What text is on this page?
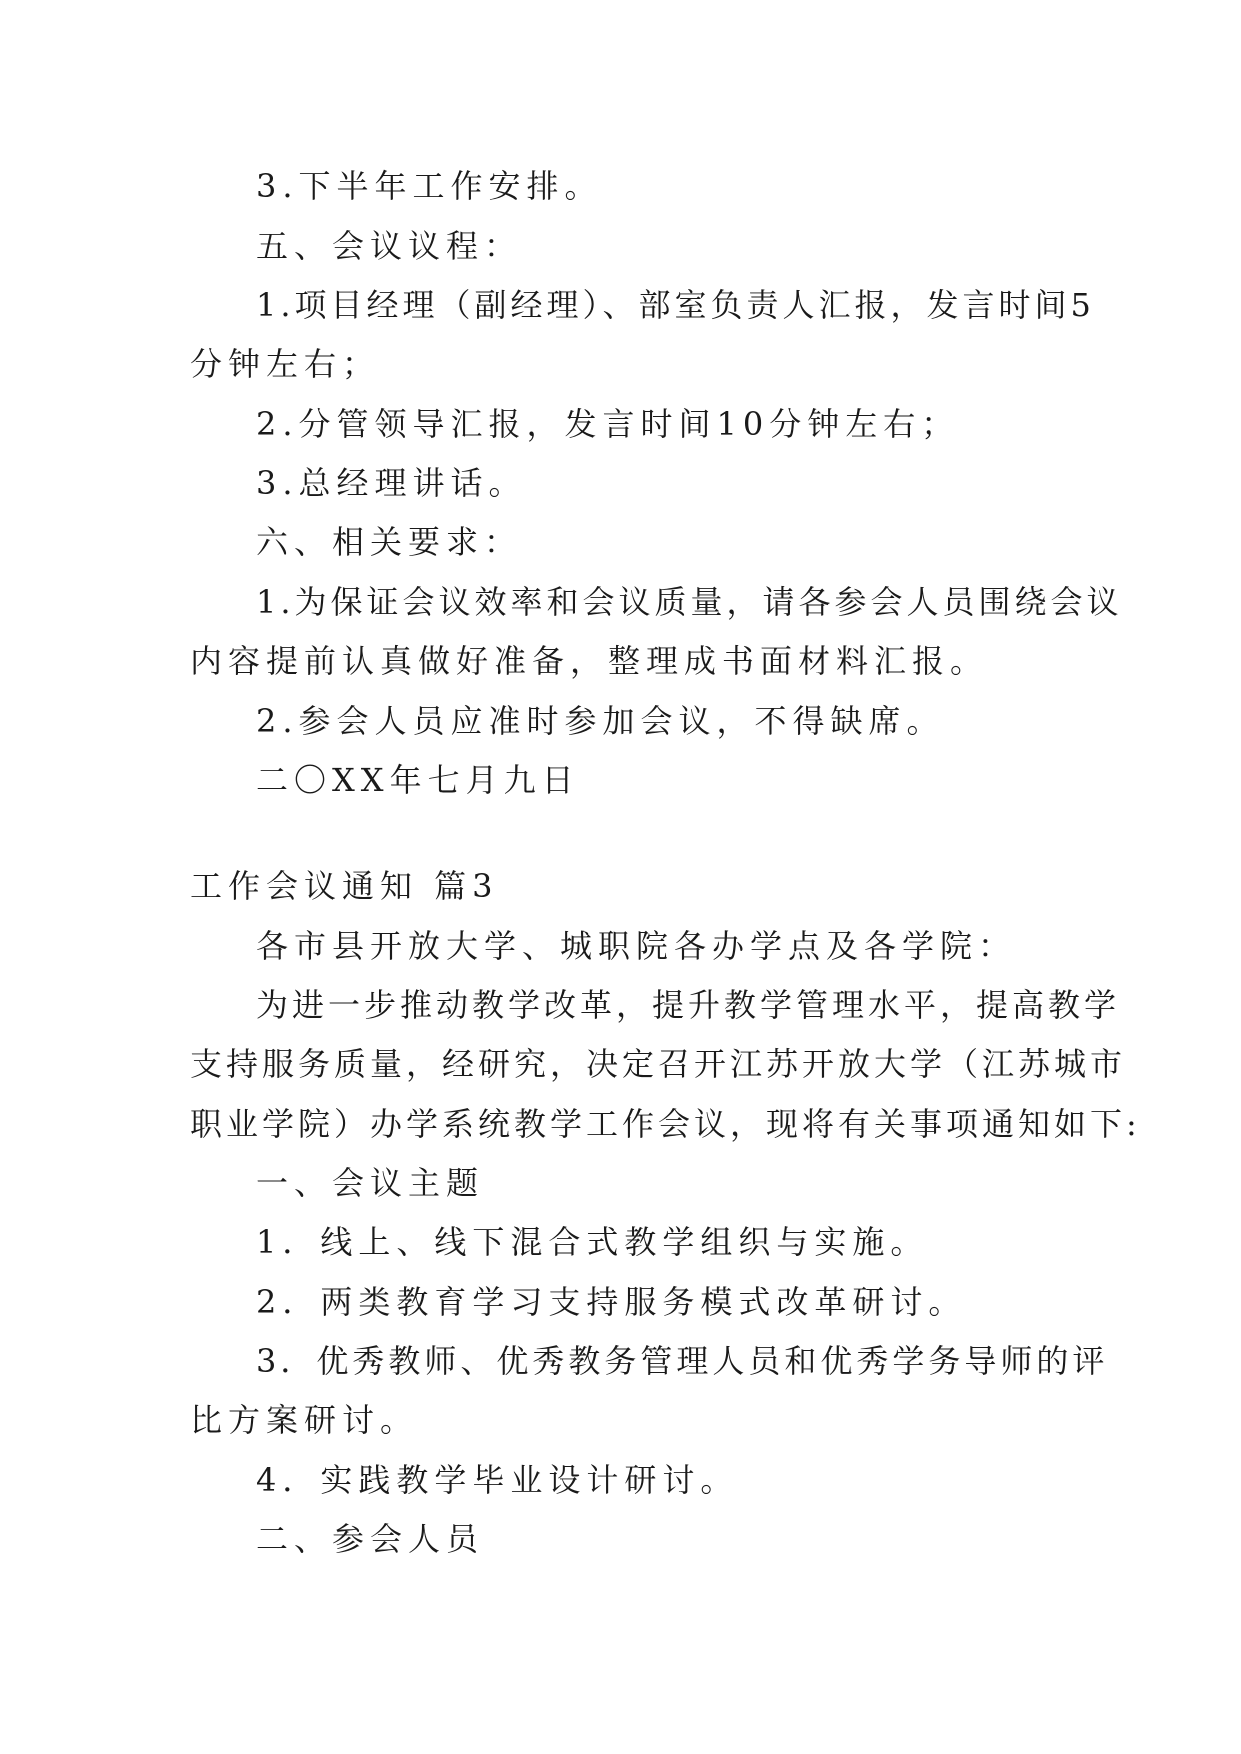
3.下半年工作安排。
五、会议议程：
1.项目经理（副经理）、部室负责人汇报，发言时间5
分钟左右；
2.分管领导汇报，发言时间10分钟左右；
3.总经理讲话。
六、相关要求：
1.为保证会议效率和会议质量，请各参会人员围绕会议
内容提前认真做好准备，整理成书面材料汇报。
2.参会人员应准时参加会议，不得缺席。
二〇XX年七月九日
工作会议通知 篇3
各市县开放大学、城职院各办学点及各学院：
为进一步推动教学改革，提升教学管理水平，提高教学
支持服务质量，经研究，决定召开江苏开放大学（江苏城市
职业学院）办学系统教学工作会议，现将有关事项通知如下:
一、会议主题
1．线上、线下混合式教学组织与实施。
2．两类教育学习支持服务模式改革研讨。
3．优秀教师、优秀教务管理人员和优秀学务导师的评
比方案研讨。
4．实践教学毕业设计研讨。
二、参会人员
